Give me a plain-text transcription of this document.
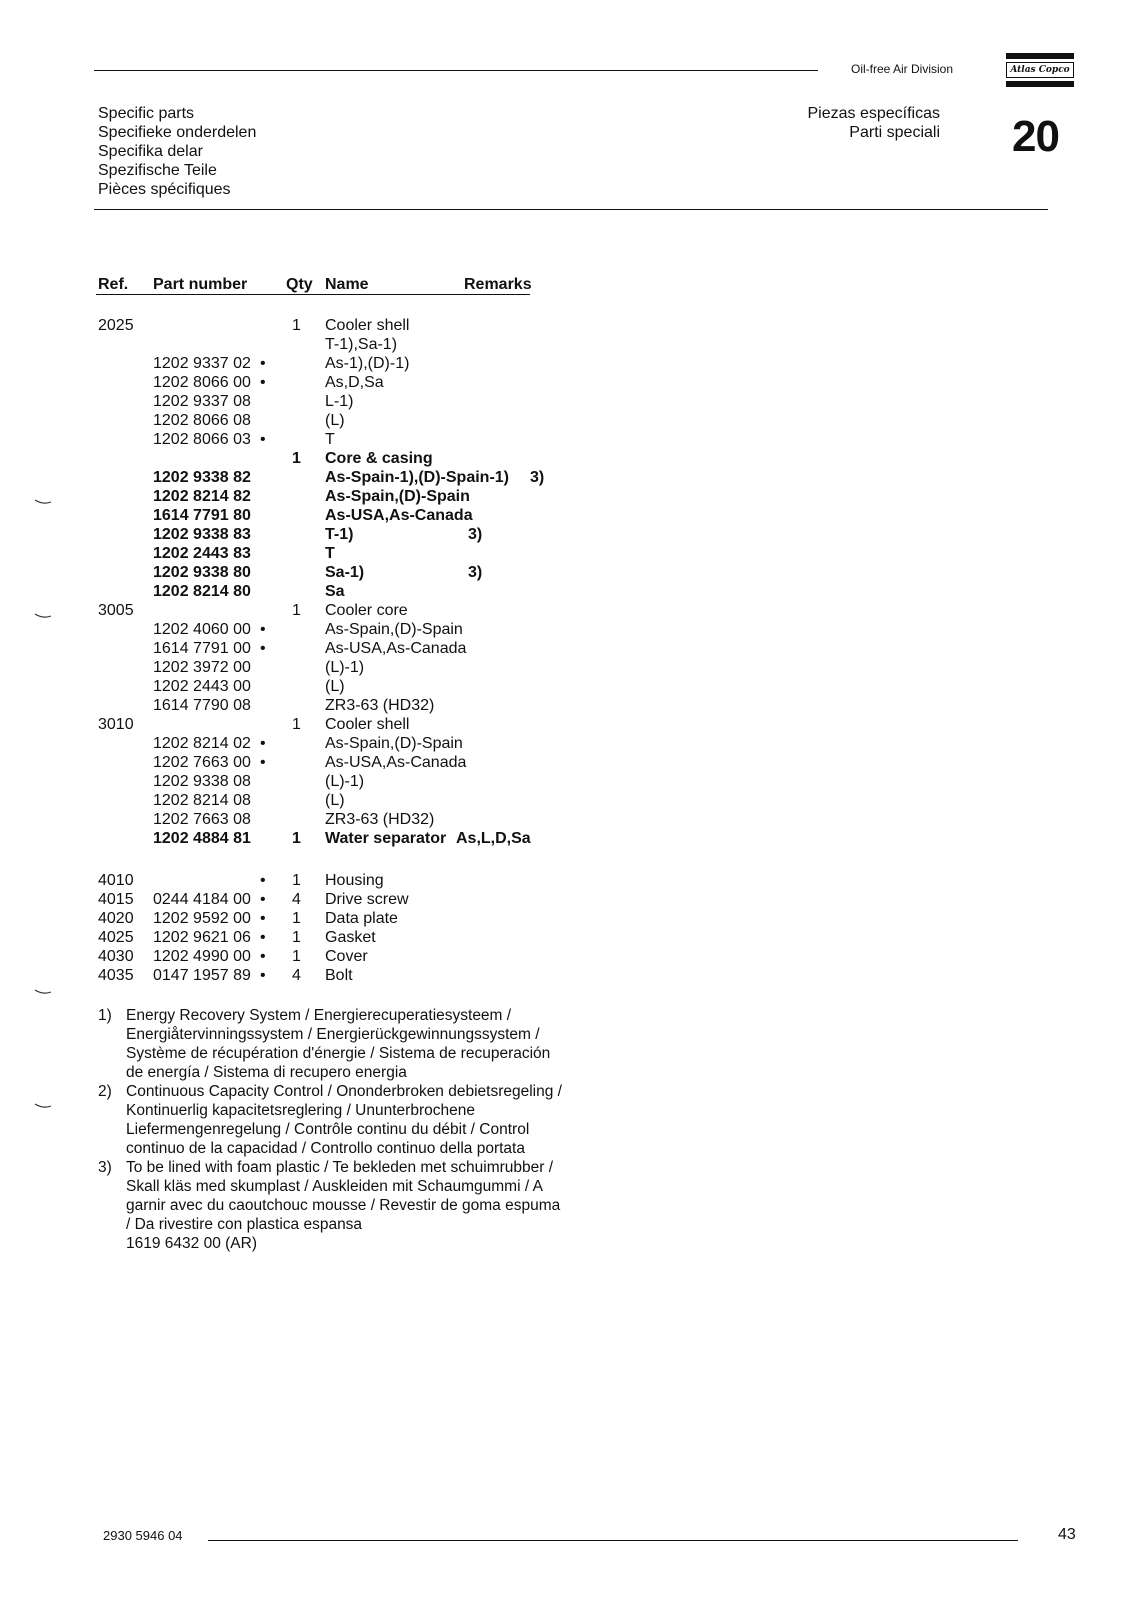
Oil-free Air Division	Atlas Copco
Specific parts
Specifieke onderdelen
Specifika delar
Spezifische Teile
Pièces spécifiques
Piezas específicas
Parti speciali 20
Ref. Part number Qty Name	Remarks
2025	1 Cooler shell
T-1),Sa-1)
1202 9337 02 •	As-1),(D)-1)
1202 8066 00 •	As,D,Sa
1202 9337 08	L-1)
1202 8066 08	(L)
1202 8066 03 •	T
1 Core & casing
1202 9338 82	As-Spain-1),(D)-Spain-1) 3)
1202 8214 82	As-Spain,(D)-Spain
1614 7791 80	As-USA,As-Canada
1202 9338 83	T-1)	3)
1202 2443 83	T
1202 9338 80	Sa-1)	3)
1202 8214 80	Sa
3005	1 Cooler core
1202 4060 00 •	As-Spain,(D)-Spain
1614 7791 00 •	As-USA,As-Canada
1202 3972 00	(L)-1)
1202 2443 00	(L)
1614 7790 08	ZR3-63 (HD32)
3010	1 Cooler shell
1202 8214 02 •	As-Spain,(D)-Spain
1202 7663 00 •	As-USA,As-Canada
1202 9338 08	(L)-1)
1202 8214 08	(L)
1202 7663 08	ZR3-63 (HD32)
1202 4884 81	1 Water separator As,L,D,Sa
4010	• 1 Housing
4015 0244 4184 00 • 4 Drive screw
4020 1202 9592 00 • 1 Data plate
4025 1202 9621 06 • 1 Gasket
4030 1202 4990 00 • 1 Cover
4035 0147 1957 89 • 4 Bolt
1) Energy Recovery System / Energierecuperatiesysteem /
Energiåtervinningssystem / Energierückgewinnungssystem /
Système de récupération d'énergie / Sistema de recuperación
de energía / Sistema di recupero energia
2) Continuous Capacity Control / Ononderbroken debietsregeling /
Kontinuerlig kapacitetsreglering / Ununterbrochene
Liefermengenregelung / Contrôle continu du débit / Control
continuo de la capacidad / Controllo continuo della portata
3) To be lined with foam plastic / Te bekleden met schuimrubber /
Skall kläs med skumplast / Auskleiden mit Schaumgummi / A
garnir avec du caoutchouc mousse / Revestir de goma espuma
/ Da rivestire con plastica espansa
1619 6432 00 (AR)
2930 5946 04	43
